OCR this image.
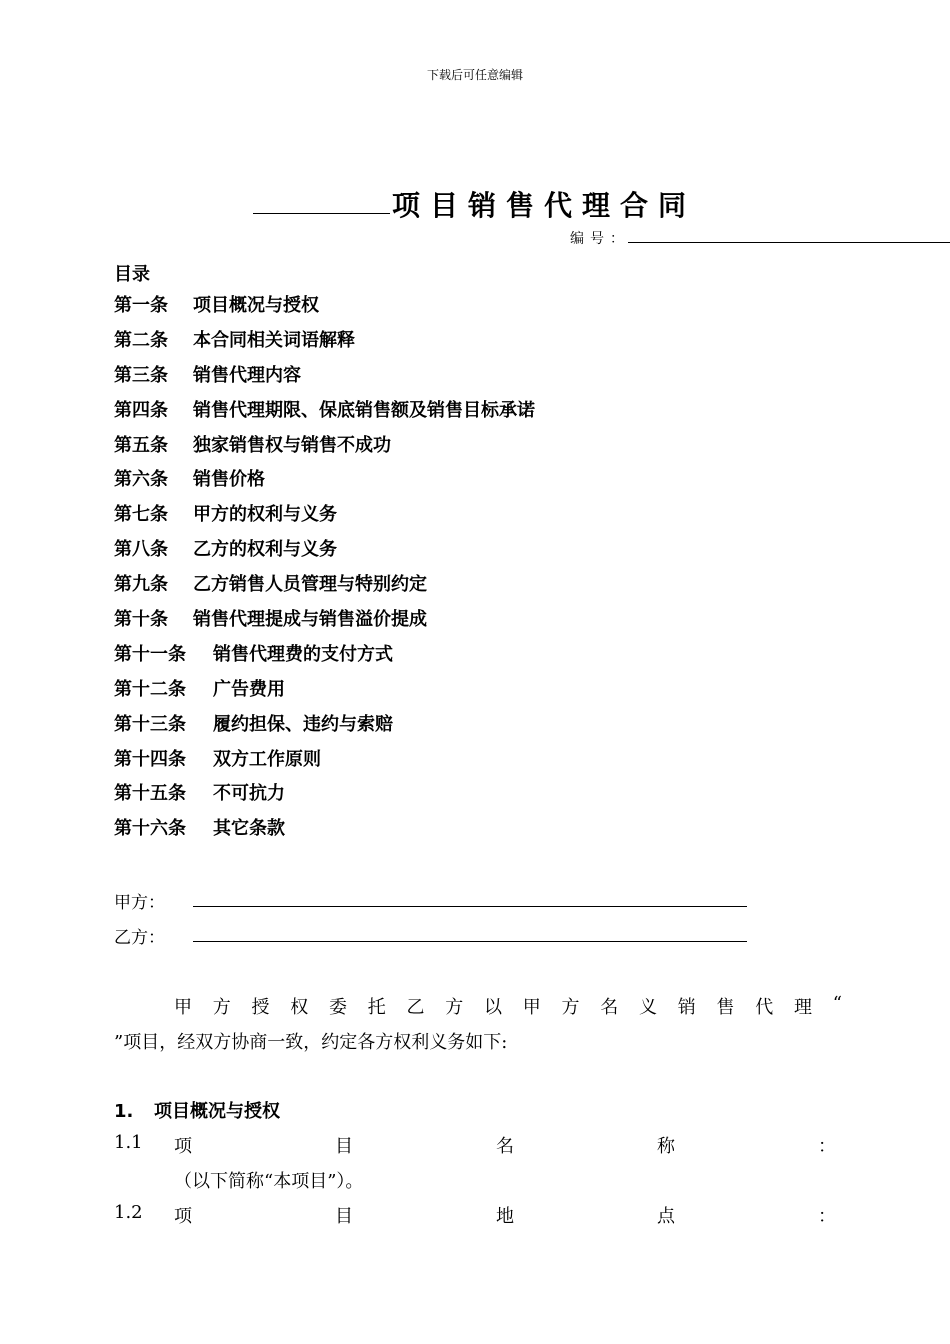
下载后可任意编辑
项目销售代理合同
编号：
目录
第一条 项目概况与授权
第二条 本合同相关词语解释
第三条 销售代理内容
第四条 销售代理期限、保底销售额及销售目标承诺
第五条 独家销售权与销售不成功
第六条 销售价格
第七条 甲方的权利与义务
第八条 乙方的权利与义务
第九条 乙方销售人员管理与特别约定
第十条 销售代理提成与销售溢价提成
第十一条 销售代理费的支付方式
第十二条 广告费用
第十三条 履约担保、违约与索赔
第十四条 双方工作原则
第十五条 不可抗力
第十六条 其它条款
甲方：
乙方：
甲 方 授 权 委 托 乙 方 以 甲 方 名 义 销 售 代 理 “
”项目，经双方协商一致，约定各方权利义务如下:
1. 项目概况与授权
1.1	项	目	名	称	：
（以下简称“本项目”）。
1.2	项	目	地	点	：
